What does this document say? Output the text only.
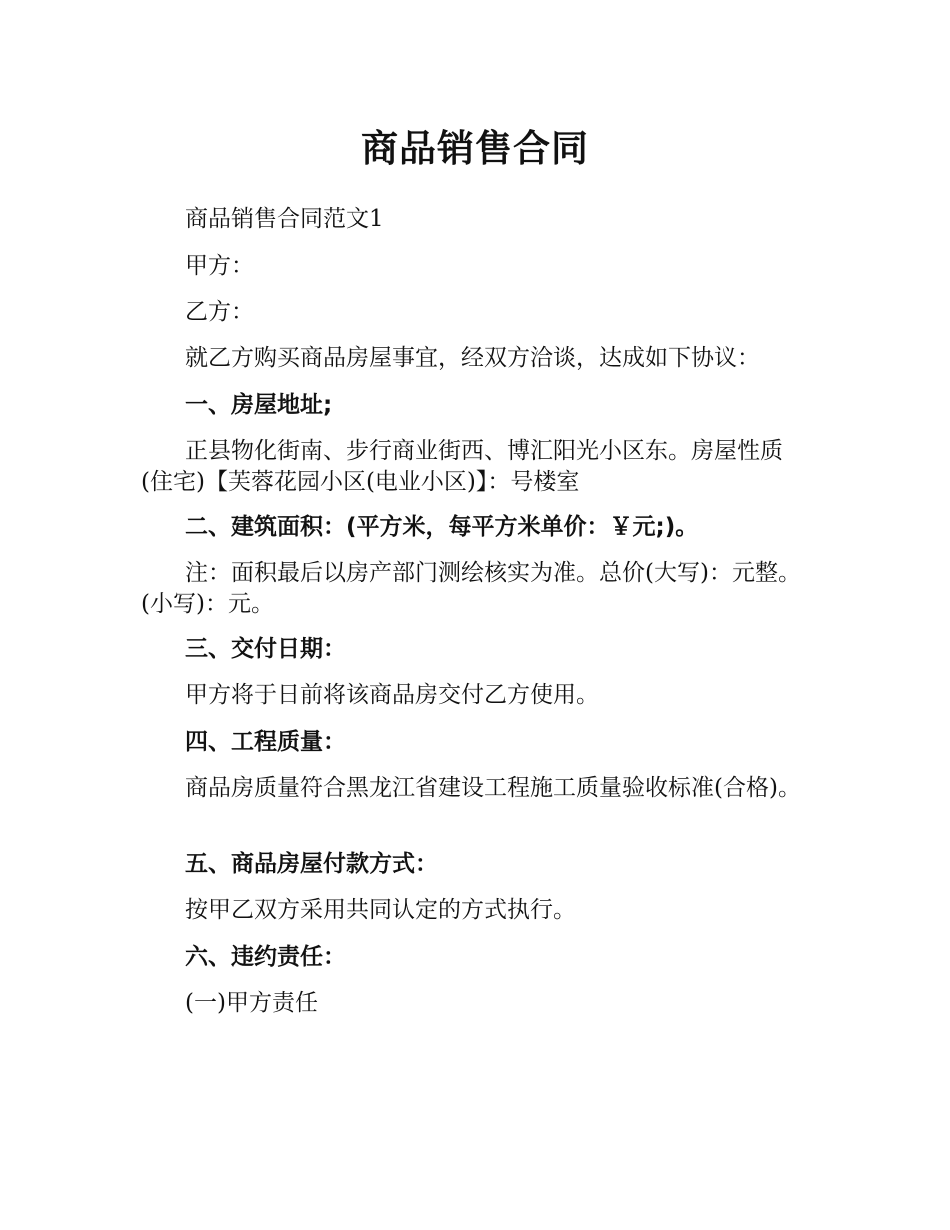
商品销售合同

商品销售合同范文1

甲方：

乙方：

就乙方购买商品房屋事宜，经双方洽谈，达成如下协议：

一、房屋地址;

正县物化街南、步行商业街西、博汇阳光小区东。房屋性质(住宅)【芙蓉花园小区(电业小区)】：号楼室

二、建筑面积：(平方米，每平方米单价：￥元;)。

注：面积最后以房产部门测绘核实为准。总价(大写)：元整。(小写)：元。

三、交付日期：

甲方将于日前将该商品房交付乙方使用。

四、工程质量：

商品房质量符合黑龙江省建设工程施工质量验收标准(合格)。

五、商品房屋付款方式：

按甲乙双方采用共同认定的方式执行。

六、违约责任：

(一)甲方责任
